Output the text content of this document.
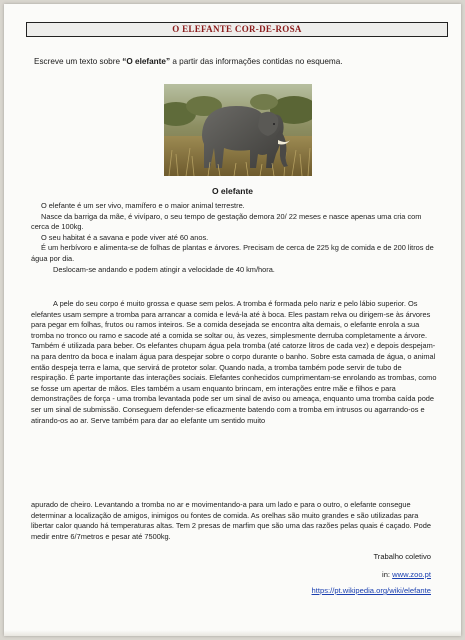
O ELEFANTE COR-DE-ROSA
Escreve um texto sobre “O elefante” a partir das informações contidas no esquema.
O elefante

O elefante é um ser vivo, mamífero e o maior animal terrestre.

Nasce da barriga da mãe, é vivíparo, o seu tempo de gestação demora 20/ 22 meses e nasce apenas uma cria com cerca de 100kg.

O seu habitat é a savana e pode viver até 60 anos.

É um herbívoro e alimenta-se de folhas de plantas e árvores. Precisam de cerca de 225 kg de comida e de 200 litros de água por dia.

Deslocam-se andando e podem atingir a velocidade de 40 km/hora.

A pele do seu corpo é muito grossa e quase sem pelos. A tromba é formada pelo nariz e pelo lábio superior. Os elefantes usam sempre a tromba para arrancar a comida e levá-la até à boca. Eles pastam relva ou dirigem-se às árvores para pegar em folhas, frutos ou ramos inteiros. Se a comida desejada se encontra alta demais, o elefante enrola a sua tromba no tronco ou ramo e sacode até a comida se soltar ou, às vezes, simplesmente derruba completamente a árvore. Também é utilizada para beber. Os elefantes chupam água pela tromba (até catorze litros de cada vez) e depois despejam-na para dentro da boca e inalam água para despejar sobre o corpo durante o banho. Sobre esta camada de água, o animal então despeja terra e lama, que servirá de protetor solar. Quando nada, a tromba também pode servir de tubo de respiração. É parte importante das interações sociais. Elefantes conhecidos cumprimentam-se enrolando as trombas, como se fosse um apertar de mãos. Eles também a usam enquanto brincam, em interações entre mãe e filhos e para demonstrações de força - uma tromba levantada pode ser um sinal de aviso ou ameaça, enquanto uma tromba caída pode ser um sinal de submissão. Conseguem defender-se eficazmente batendo com a tromba em intrusos ou agarrando-os e atirando-os ao ar. Serve também para dar ao elefante um sentido muito

apurado de cheiro. Levantando a tromba no ar e movimentando-a para um lado e para o outro, o elefante consegue determinar a localização de amigos, inimigos ou fontes de comida. As orelhas são muito grandes e são utilizadas para libertar calor quando há temperaturas altas. Tem 2 presas de marfim que são uma das razões pelas quais é caçado. Pode medir entre 6/7metros e pesar até 7500kg.

Trabalho coletivo
in: www.zoo.pt
https://pt.wikipedia.org/wiki/elefante
